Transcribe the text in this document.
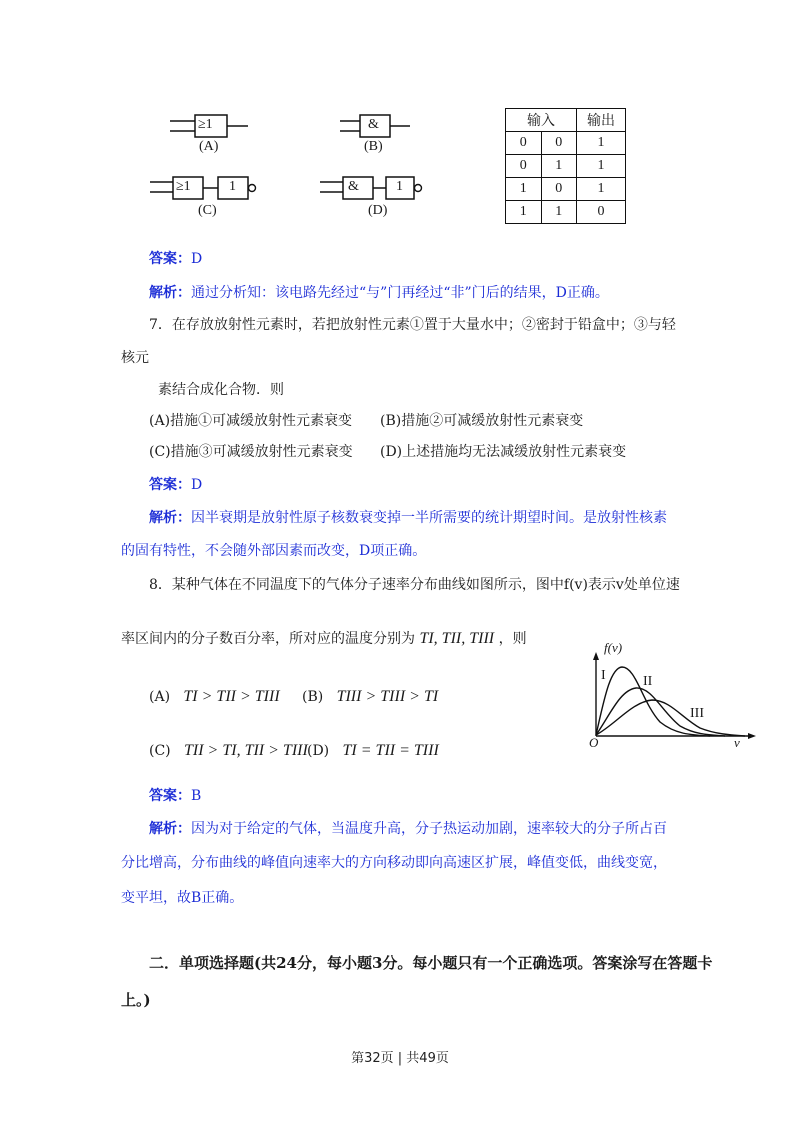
≥1
(A)
&
(B)
≥1	1
(C)
&	1
(D)
输入		输出
0	0	1
0	1	1
1	0	1
1	1	0
答案：D
解析：通过分析知：该电路先经过“与”门再经过“非”门后的结果，D正确。
7．在存放放射性元素时，若把放射性元素①置于大量水中；②密封于铅盒中；③与轻
核元
素结合成化合物．则
(A)措施①可减缓放射性元素衰变 (B)措施②可减缓放射性元素衰变
(C)措施③可减缓放射性元素衰变 (D)上述措施均无法减缓放射性元素衰变
答案：D
解析：因半衰期是放射性原子核数衰变掉一半所需要的统计期望时间。是放射性核素
的固有特性，不会随外部因素而改变，D项正确。
8．某种气体在不同温度下的气体分子速率分布曲线如图所示，图中f(v)表示v处单位速
率区间内的分子数百分率，所对应的温度分别为 TI, TII, TIII ，则
(A) TI > TII > TIII (B) TIII > TIII > TI
(C) TII > TI, TII > TIII (D) TI = TII = TIII
f(v)
O	v
I	II
III
答案：B
解析：因为对于给定的气体，当温度升高，分子热运动加剧，速率较大的分子所占百
分比增高，分布曲线的峰值向速率大的方向移动即向高速区扩展，峰值变低，曲线变宽，
变平坦，故B正确。
二．单项选择题(共24分，每小题3分。每小题只有一个正确选项。答案涂写在答题卡
上。)
第32页 | 共49页
